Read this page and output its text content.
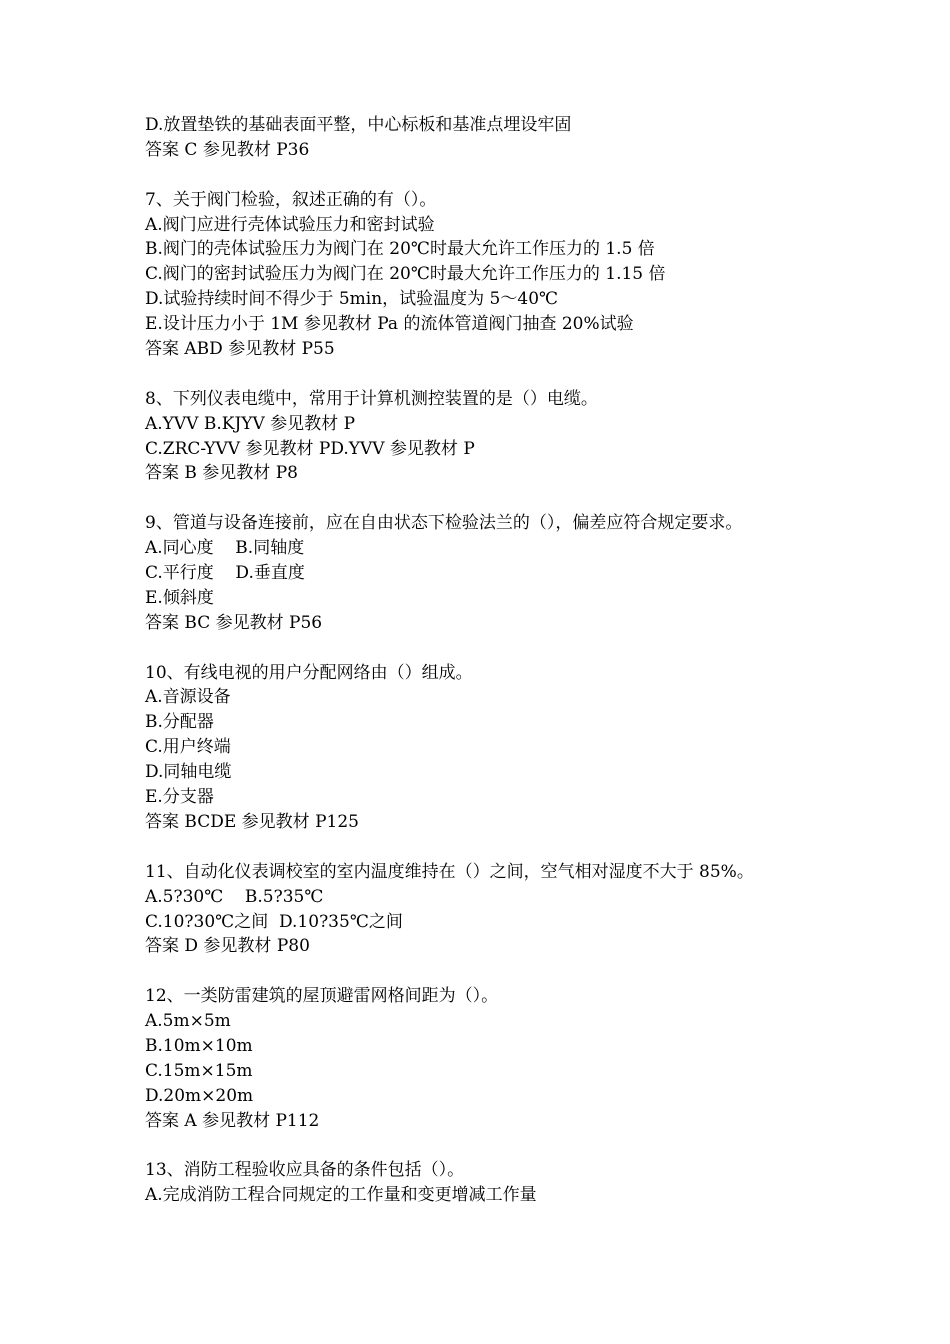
D.放置垫铁的基础表面平整，中心标板和基准点埋设牢固
答案 C 参见教材 P36
7、关于阀门检验，叙述正确的有（）。
A.阀门应进行壳体试验压力和密封试验
B.阀门的壳体试验压力为阀门在 20℃时最大允许工作压力的 1.5 倍
C.阀门的密封试验压力为阀门在 20℃时最大允许工作压力的 1.15 倍
D.试验持续时间不得少于 5min，试验温度为 5～40℃
E.设计压力小于 1M 参见教材 Pa 的流体管道阀门抽查 20%试验
答案 ABD 参见教材 P55
8、下列仪表电缆中，常用于计算机测控装置的是（）电缆。
A.YVV B.KJYV 参见教材 P
C.ZRC-YVV 参见教材 PD.YVV 参见教材 P
答案 B 参见教材 P8
9、管道与设备连接前，应在自由状态下检验法兰的（），偏差应符合规定要求。
A.同心度    B.同轴度
C.平行度    D.垂直度
E.倾斜度
答案 BC 参见教材 P56
10、有线电视的用户分配网络由（）组成。
A.音源设备
B.分配器
C.用户终端
D.同轴电缆
E.分支器
答案 BCDE 参见教材 P125
11、自动化仪表调校室的室内温度维持在（）之间，空气相对湿度不大于 85%。
A.5?30℃    B.5?35℃
C.10?30℃之间  D.10?35℃之间
答案 D 参见教材 P80
12、一类防雷建筑的屋顶避雷网格间距为（）。
A.5m×5m
B.10m×10m
C.15m×15m
D.20m×20m
答案 A 参见教材 P112
13、消防工程验收应具备的条件包括（）。
A.完成消防工程合同规定的工作量和变更增减工作量
